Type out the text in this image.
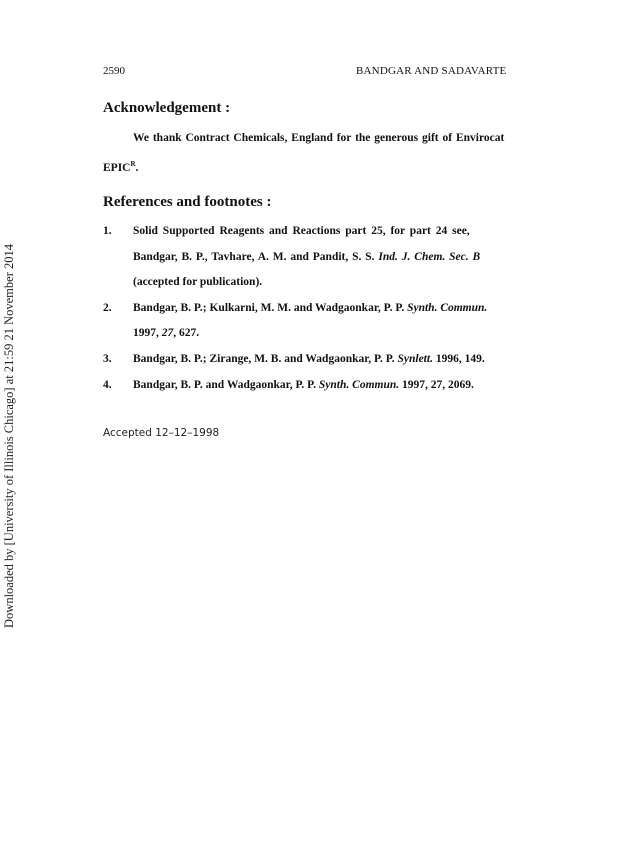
Downloaded by [University of Illinois Chicago] at 21:59 21 November 2014
2590	BANDGAR AND SADAVARTE
Acknowledgement :
We thank Contract Chemicals, England for the generous gift of Envirocat
$EPIC^R$.
References and footnotes :
1. Solid Supported Reagents and Reactions part 25, for part 24 see,
Bandgar, B. P., Tavhare, A. M. and Pandit, S. S. Ind. J. Chem. Sec. B
(accepted for publication).
2. Bandgar, B. P.; Kulkarni, M. M. and Wadgaonkar, P. P. Synth. Commun.
1997, 27, 627.
3. Bandgar, B. P.; Zirange, M. B. and Wadgaonkar, P. P. Synlett. 1996, 149.
4. Bandgar, B. P. and Wadgaonkar, P. P. Synth. Commun. 1997, 27, 2069.
Accepted 12–12–1998
